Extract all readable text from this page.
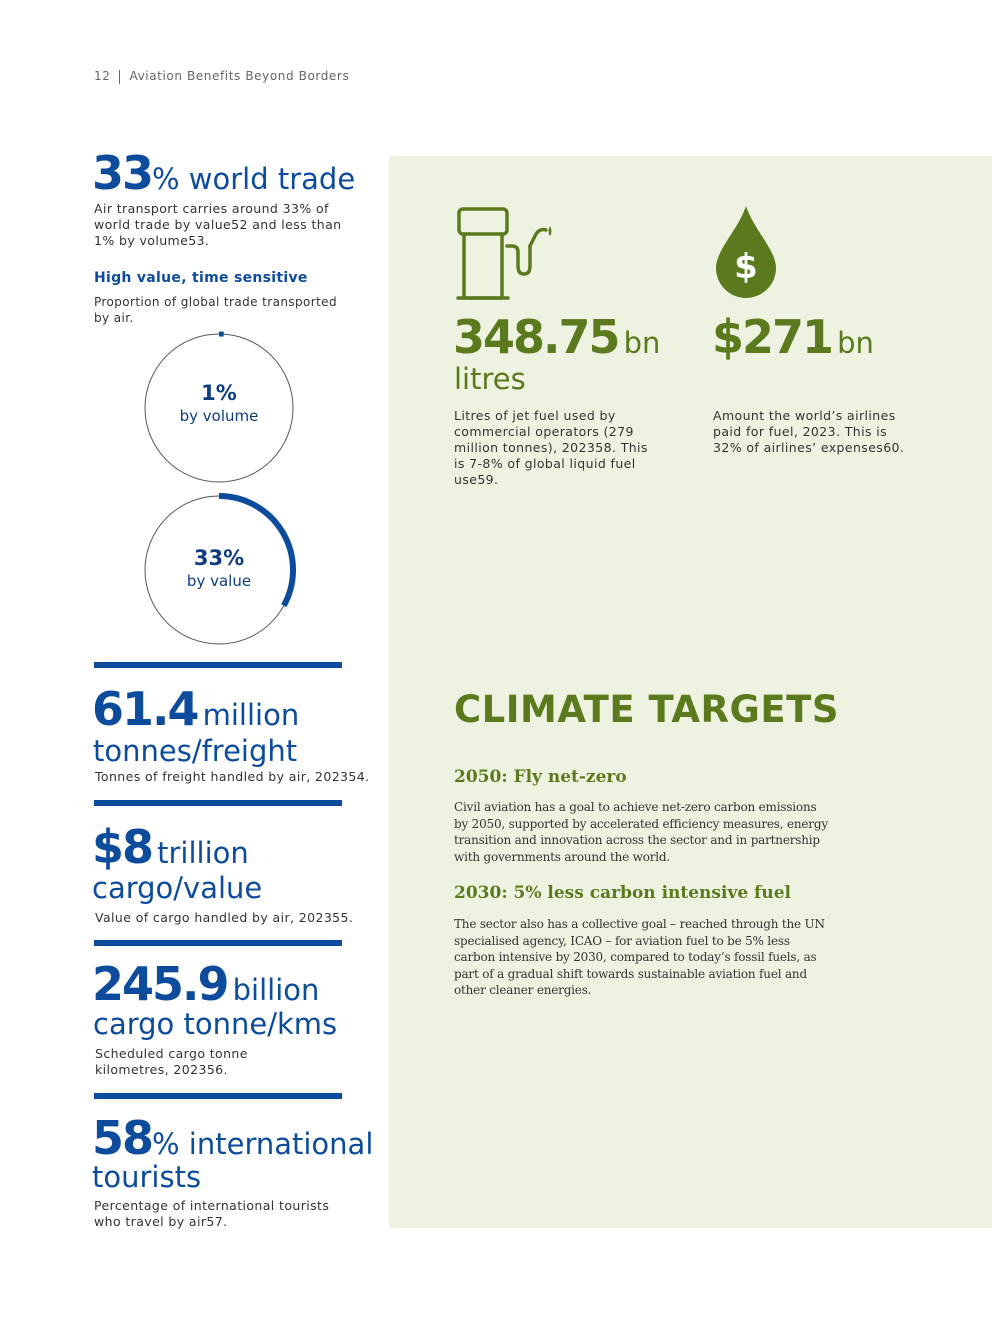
12 Aviation Benefits Beyond Borders
33% world trade
Air transport carries around 33% of world trade by value52 and less than 1% by volume53.
High value, time sensitive
Proportion of global trade transported by air.
1%
by volume
33%
by value
61.4 million
tonnes/freight
Tonnes of freight handled by air, 202354.
$8 trillion
cargo/value
Value of cargo handled by air, 202355.
245.9 billion
cargo tonne/kms
Scheduled cargo tonne kilometres, 202356.
58% international
tourists
Percentage of international tourists who travel by air57.
$
348.75 bn
litres
Litres of jet fuel used by commercial operators (279 million tonnes), 202358. This is 7-8% of global liquid fuel use59.
$271 bn
Amount the world’s airlines paid for fuel, 2023. This is 32% of airlines’ expenses60.
CLIMATE TARGETS
2050: Fly net-zero
Civil aviation has a goal to achieve net-zero carbon emissions by 2050, supported by accelerated efficiency measures, energy transition and innovation across the sector and in partnership with governments around the world.
2030: 5% less carbon intensive fuel
The sector also has a collective goal – reached through the UN specialised agency, ICAO – for aviation fuel to be 5% less carbon intensive by 2030, compared to today’s fossil fuels, as part of a gradual shift towards sustainable aviation fuel and other cleaner energies.
